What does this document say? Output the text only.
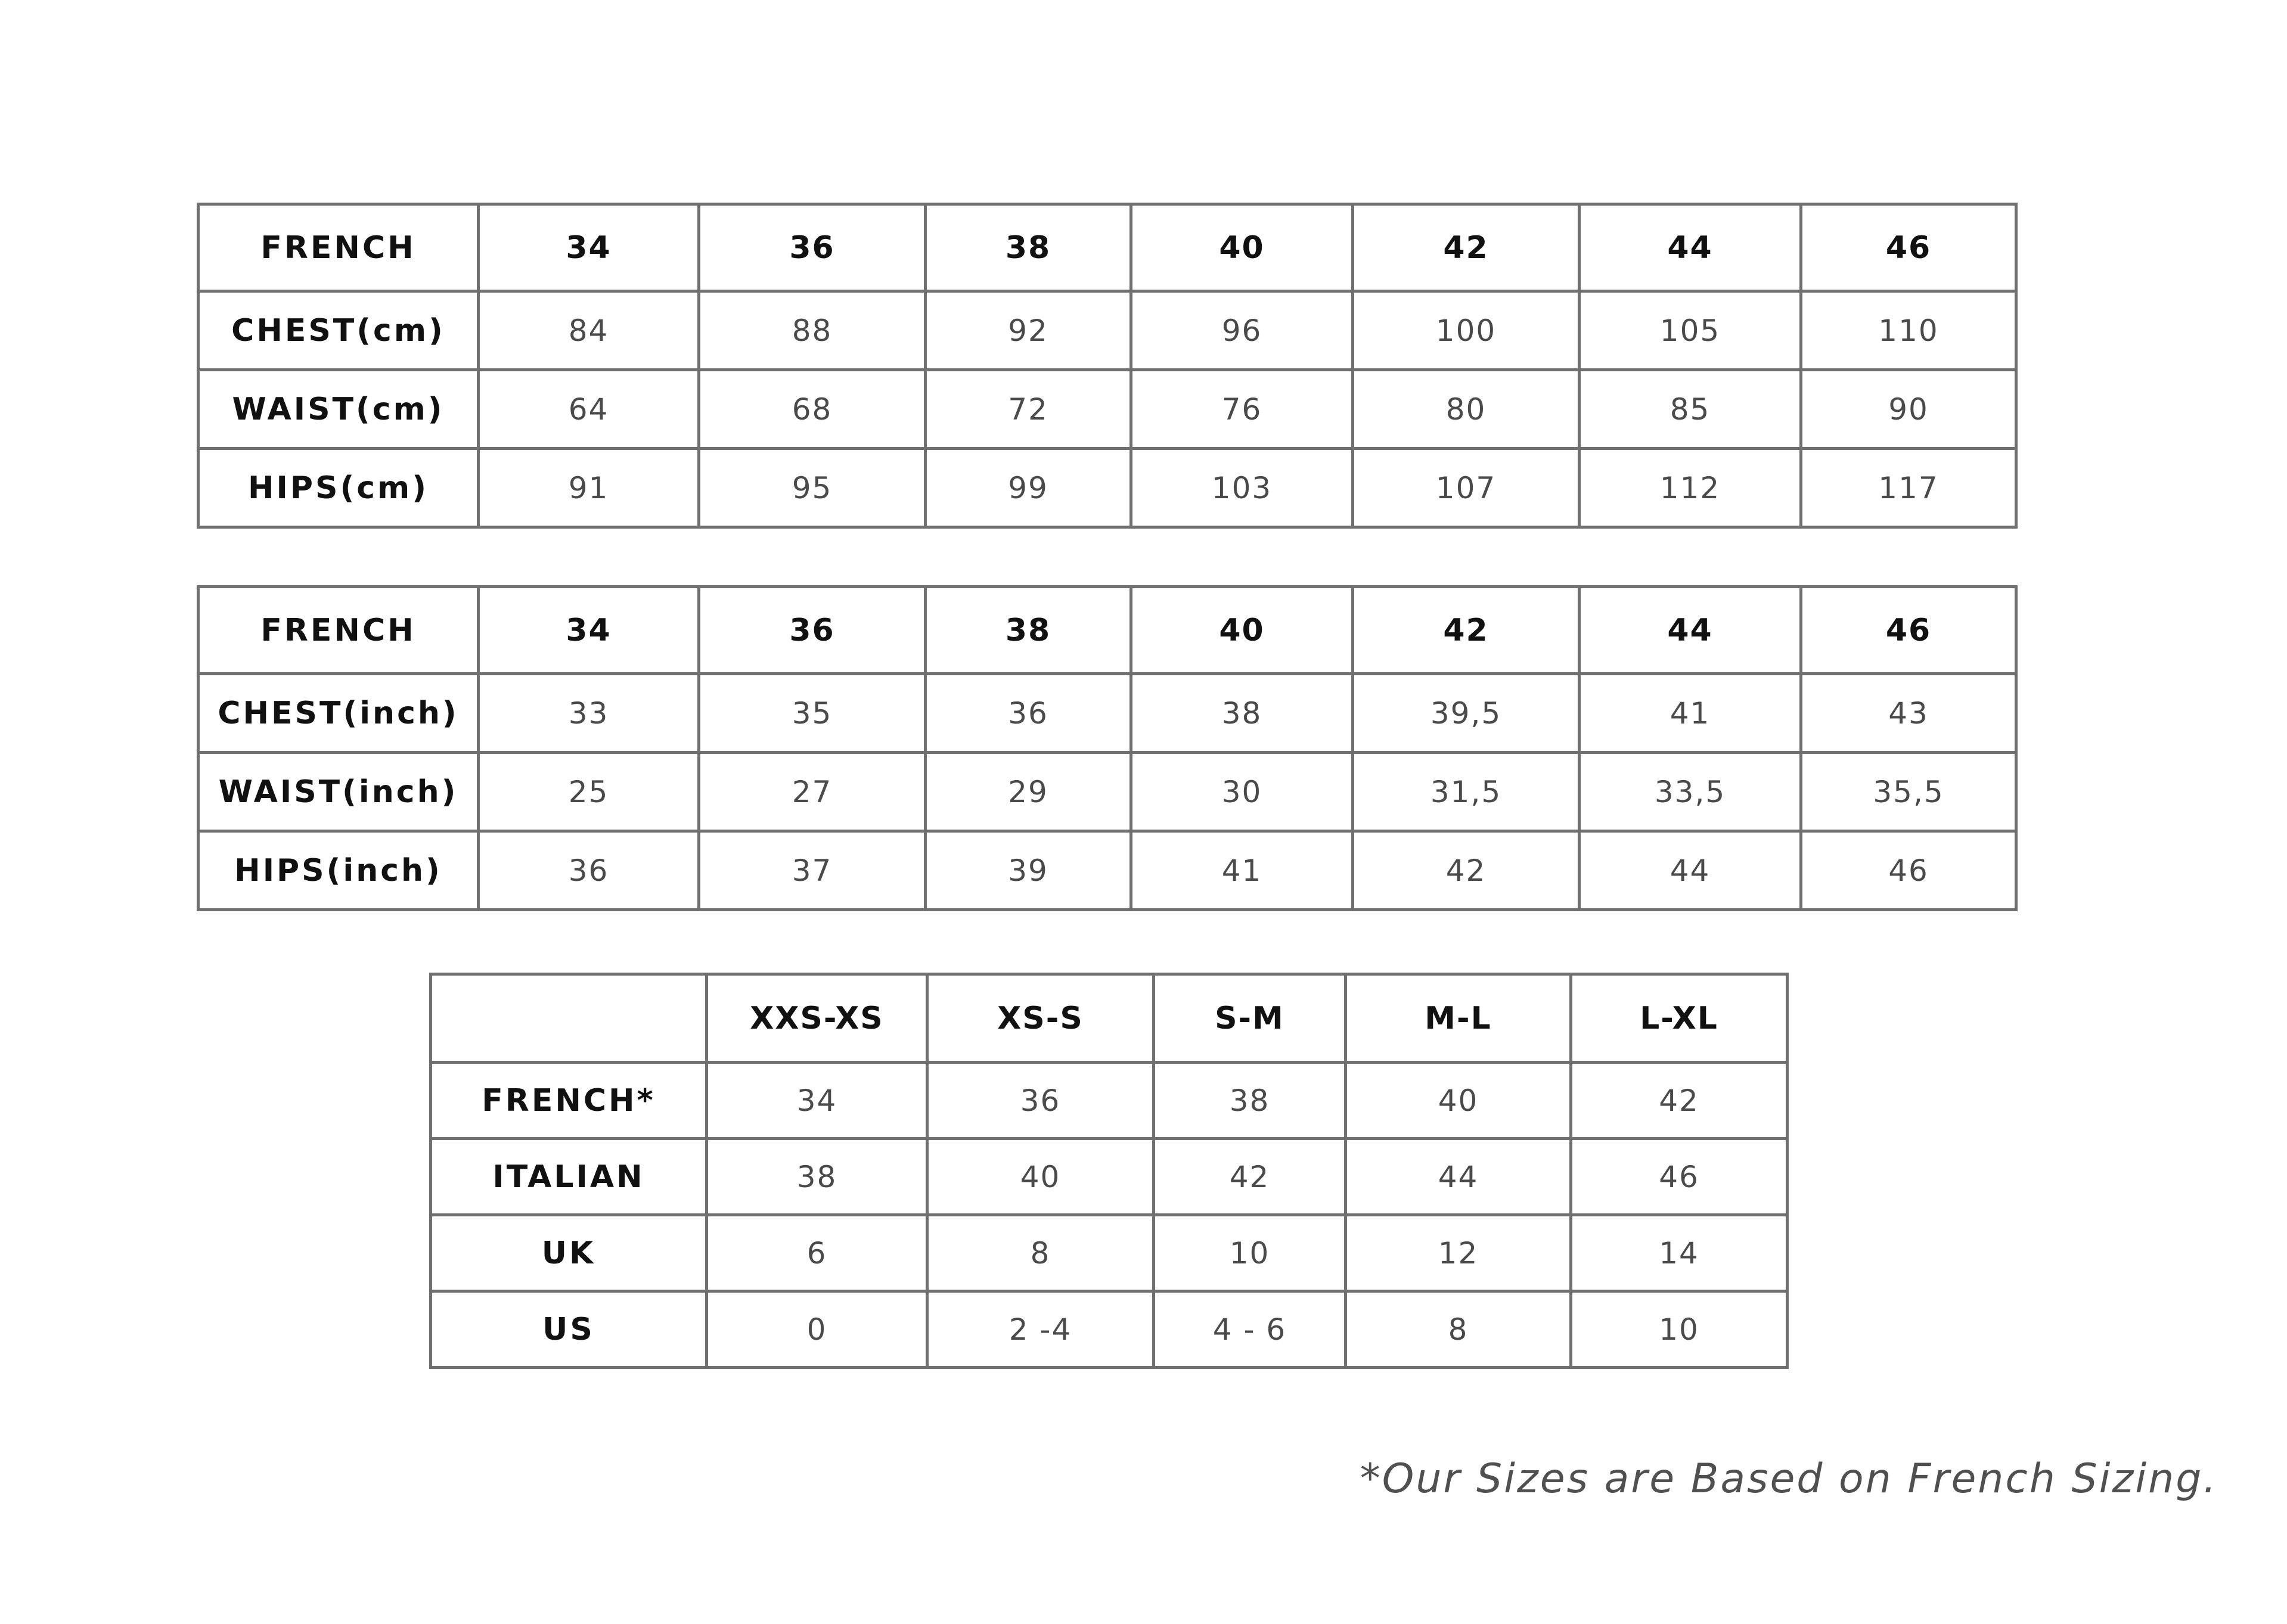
FRENCH	34	36	38	40	42	44	46
CHEST(cm)	84	88	92	96	100	105	110
WAIST(cm)	64	68	72	76	80	85	90
HIPS(cm)	91	95	99	103	107	112	117
FRENCH	34	36	38	40	42	44	46
CHEST(inch)	33	35	36	38	39,5	41	43
WAIST(inch)	25	27	29	30	31,5	33,5	35,5
HIPS(inch)	36	37	39	41	42	44	46
	XXS-XS	XS-S	S-M	M-L	L-XL
FRENCH*	34	36	38	40	42
ITALIAN	38	40	42	44	46
UK	6	8	10	12	14
US	0	2 -4	4 - 6	8	10

*Our Sizes are Based on French Sizing.
